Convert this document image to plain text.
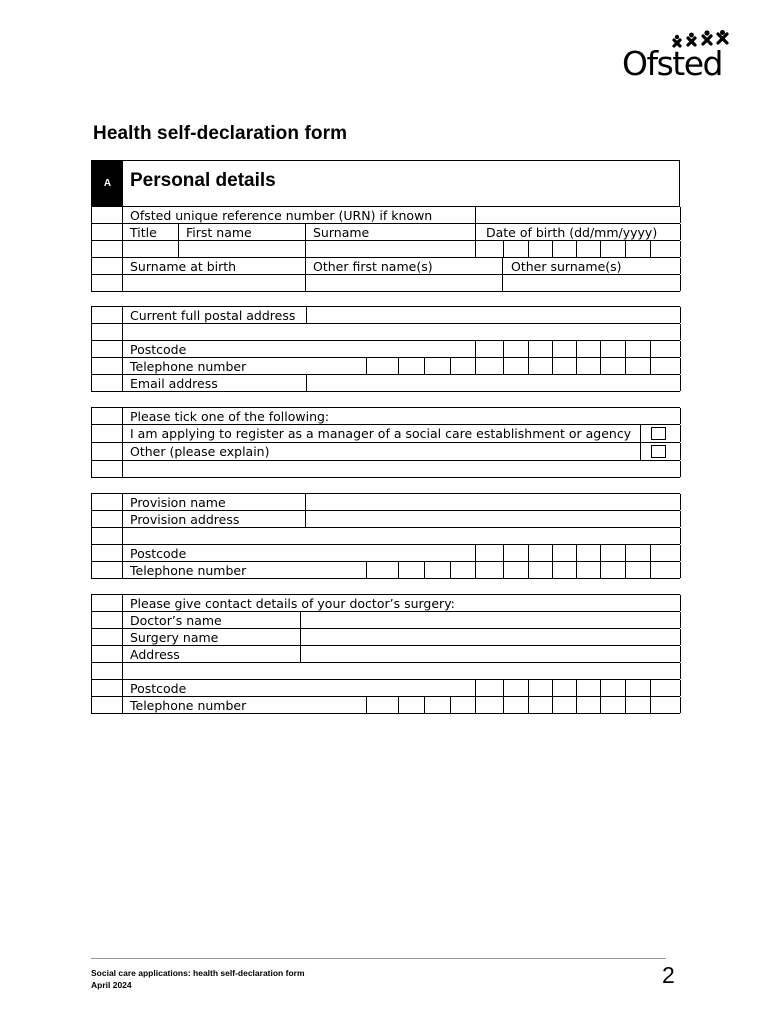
Ofsted
Health self-declaration form
A Personal details
Ofsted unique reference number (URN) if known
Title First name	Surname	Date of birth (dd/mm/yyyy)
Surname at birth	Other first name(s)	Other surname(s)
Current full postal address
Postcode
Telephone number
Email address
Please tick one of the following:
I am applying to register as a manager of a social care establishment or agency
Other (please explain)
Provision name
Provision address
Postcode
Telephone number
Please give contact details of your doctor’s surgery:
Doctor’s name
Surgery name
Address
Postcode
Telephone number
Social care applications: health self-declaration form
April 2024	2
